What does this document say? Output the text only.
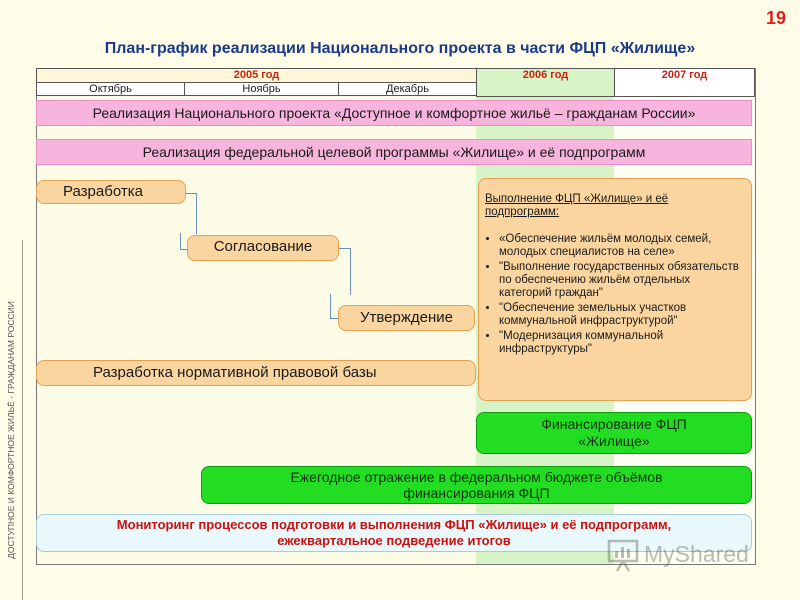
19
План-график реализации Национального проекта в части ФЦП «Жилище»
ДОСТУПНОЕ И КОМФОРТНОЕ ЖИЛЬЁ - ГРАЖДАНАМ РОССИИ
2005 год	2006 год	2007 год
Октябрь	Ноябрь	Декабрь
Реализация Национального проекта «Доступное и комфортное жильё – гражданам России»
Реализация федеральной целевой программы «Жилище» и её подпрограмм
Разработка
Согласование
Утверждение
Разработка нормативной правовой базы
Выполнение ФЦП «Жилище» и её подпрограмм:
• «Обеспечение жильём молодых семей, молодых специалистов на селе»
• "Выполнение государственных обязательств по обеспечению жильём отдельных категорий граждан"
• "Обеспечение земельных участков коммунальной инфраструктурой"
• "Модернизация коммунальной инфраструктуры"
Финансирование ФЦП «Жилище»
Ежегодное отражение в федеральном бюджете объёмов финансирования ФЦП
Мониторинг процессов подготовки и выполнения ФЦП «Жилище» и её подпрограмм, ежеквартальное подведение итогов
MyShared
